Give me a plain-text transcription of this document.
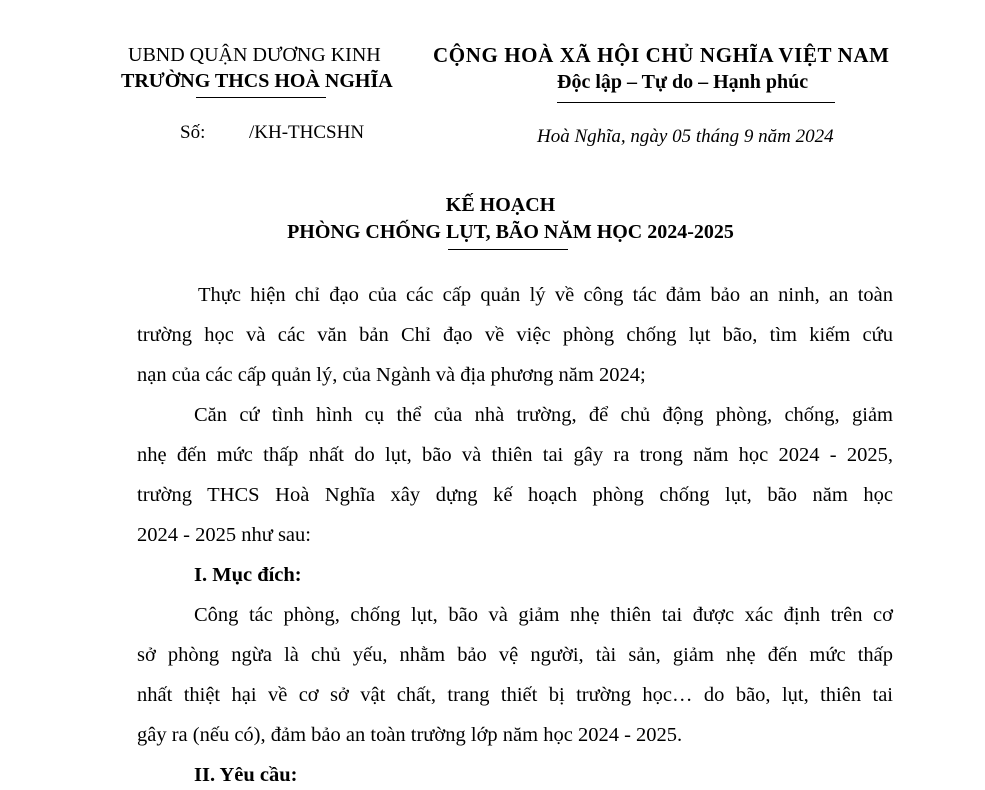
UBND QUẬN DƯƠNG KINH
TRƯỜNG THCS HOÀ NGHĨA
CỘNG HOÀ XÃ HỘI CHỦ NGHĨA VIỆT NAM
Độc lập – Tự do – Hạnh phúc
Số: /KH-THCSHN	Hoà Nghĩa, ngày 05 tháng 9 năm 2024
KẾ HOẠCH
PHÒNG CHỐNG LỤT, BÃO NĂM HỌC 2024-2025
Thực hiện chỉ đạo của các cấp quản lý về công tác đảm bảo an ninh, an toàn
trường học và các văn bản Chỉ đạo về việc phòng chống lụt bão, tìm kiếm cứu
nạn của các cấp quản lý, của Ngành và địa phương năm 2024;
Căn cứ tình hình cụ thể của nhà trường, để chủ động phòng, chống, giảm
nhẹ đến mức thấp nhất do lụt, bão và thiên tai gây ra trong năm học 2024 - 2025,
trường THCS Hoà Nghĩa xây dựng kế hoạch phòng chống lụt, bão năm học
2024 - 2025 như sau:
I. Mục đích:
Công tác phòng, chống lụt, bão và giảm nhẹ thiên tai được xác định trên cơ
sở phòng ngừa là chủ yếu, nhằm bảo vệ người, tài sản, giảm nhẹ đến mức thấp
nhất thiệt hại về cơ sở vật chất, trang thiết bị trường học… do bão, lụt, thiên tai
gây ra (nếu có), đảm bảo an toàn trường lớp năm học 2024 - 2025.
II. Yêu cầu:
